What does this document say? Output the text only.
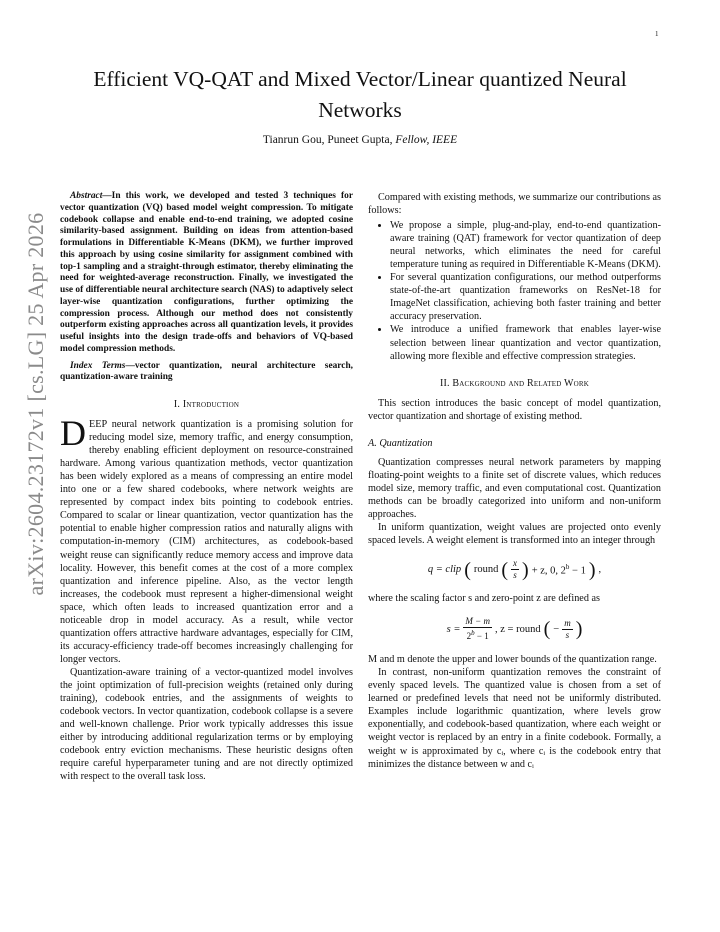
1
arXiv:2604.23172v1 [cs.LG] 25 Apr 2026
Efficient VQ-QAT and Mixed Vector/Linear quantized Neural Networks
Tianrun Gou, Puneet Gupta, Fellow, IEEE

Abstract—In this work, we developed and tested 3 techniques for vector quantization (VQ) based model weight compression. To mitigate codebook collapse and enable end-to-end training, we adopted cosine similarity-based assignment. Building on ideas from attention-based formulations in Differentiable K-Means (DKM), we further improved this approach by using cosine similarity for assignment combined with top-1 sampling and a straight-through estimator, thereby eliminating the need for weighted-average reconstruction. Finally, we investigated the use of differentiable neural architecture search (NAS) to adaptively select layer-wise quantization configurations, further optimizing the compression process. Although our method does not consistently outperform existing approaches across all quantization levels, it provides useful insights into the design trade-offs and behaviors of VQ-based model compression methods.

Index Terms—vector quantization, neural architecture search, quantization-aware training

I. Introduction

DEEP neural network quantization is a promising solution for reducing model size, memory traffic, and energy consumption, thereby enabling efficient deployment on resource-constrained hardware. Among various quantization methods, vector quantization has been widely explored as a means of compressing an entire model into one or a few shared codebooks, where network weights are represented by compact index bits pointing to codebook entries. Compared to scalar or linear quantization, vector quantization has the potential to enable higher compression ratios and naturally aligns with computation-in-memory (CIM) architectures, as codebook-based weight reuse can significantly reduce memory access and improve data locality. However, this benefit comes at the cost of a more complex quantization and inference pipeline. Also, as the vector length increases, the codebook must represent a higher-dimensional weight space, which often leads to increased quantization error and a noticeable drop in model accuracy. As a result, while vector quantization offers attractive hardware advantages, especially for CIM, its accuracy-efficiency trade-off becomes increasingly challenging for longer vectors.

Quantization-aware training of a vector-quantized model involves the joint optimization of full-precision weights (retained only during training), codebook entries, and the assignments of weights to codebook vectors. In vector quantization, codebook collapse is a severe and well-known challenge. Prior work typically addresses this issue either by introducing additional regularization terms or by employing codebook entry eviction mechanisms. These heuristic designs often require careful hyperparameter tuning and are not directly optimized with respect to the overall task loss.

Compared with existing methods, we summarize our contributions as follows:

• We propose a simple, plug-and-play, end-to-end quantization-aware training (QAT) framework for vector quantization of deep neural networks, which eliminates the need for careful temperature tuning as required in Differentiable K-Means (DKM).
• For several quantization configurations, our method outperforms state-of-the-art quantization frameworks on ResNet-18 for ImageNet classification, achieving both faster training and better accuracy preservation.
• We introduce a unified framework that enables layer-wise selection between linear quantization and vector quantization, allowing more flexible and effective compression strategies.
II. Background and Related Work

This section introduces the basic concept of model quantization, vector quantization and shortage of existing method.

A. Quantization

Quantization compresses neural network parameters by mapping floating-point weights to a finite set of discrete values, which reduces model size, memory traffic, and even computational cost. Quantization methods can be broadly categorized into uniform and non-uniform approaches.

In uniform quantization, weight values are projected onto evenly spaced levels. A weight element is transformed into an integer through

q = clip ( round ( $\frac{x}{s}$ ) + z, 0, $2^b - 1$ ) ,

where the scaling factor s and zero-point z are defined as

$s = \frac{M - m}{2^b - 1}$ , z = round ( − $\frac{m}{s}$ )

M and m denote the upper and lower bounds of the quantization range.

In contrast, non-uniform quantization removes the constraint of evenly spaced levels. The quantized value is chosen from a set of learned or predefined levels that need not be uniformly distributed. Examples include logarithmic quantization, where levels grow exponentially, and codebook-based quantization, where each weight or weight vector is replaced by an entry in a finite codebook. Formally, a weight w is approximated by cᵢ, where cᵢ is the codebook entry that minimizes the distance between w and cᵢ
